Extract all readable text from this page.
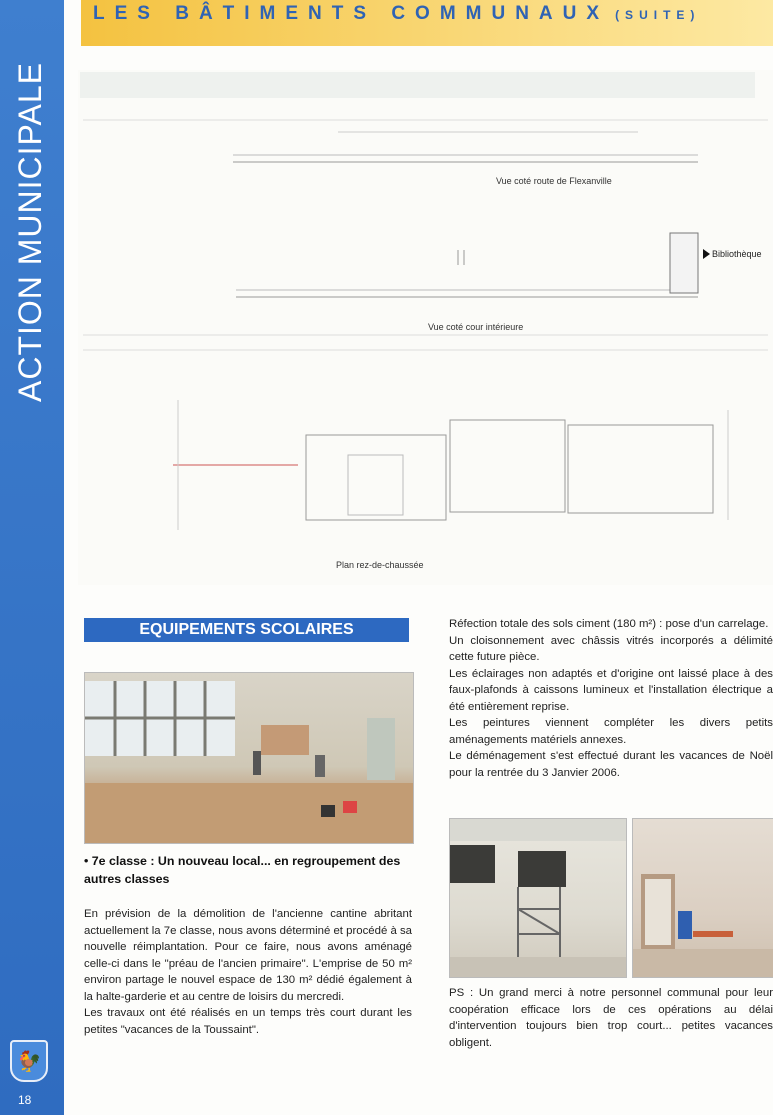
ACTION MUNICIPALE
🐓
18
LES BÂTIMENTS COMMUNAUX (SUITE)
Vue coté route de Flexanville
Vue coté cour intérieure
Plan rez-de-chaussée
Bibliothèque
EQUIPEMENTS SCOLAIRES
• 7e classe : Un nouveau local... en regroupement des autres classes

En prévision de la démolition de l'ancienne cantine abritant actuellement la 7e classe, nous avons déterminé et procédé à sa nouvelle réimplantation. Pour ce faire, nous avons aménagé celle-ci dans le "préau de l'ancien primaire". L'emprise de 50 m² environ partage le nouvel espace de 130 m² dédié également à la halte-garderie et au centre de loisirs du mercredi.

Les travaux ont été réalisés en un temps très court durant les petites "vacances de la Toussaint".

Réfection totale des sols ciment (180 m²) : pose d'un carrelage.

Un cloisonnement avec châssis vitrés incorporés a délimité cette future pièce.

Les éclairages non adaptés et d'origine ont laissé place à des faux-plafonds à caissons lumineux et l'installation électrique a été entièrement reprise.

Les peintures viennent compléter les divers petits aménagements matériels annexes.

Le déménagement s'est effectué durant les vacances de Noël pour la rentrée du 3 Janvier 2006.

PS : Un grand merci à notre personnel communal pour leur coopération efficace lors de ces opérations au délai d'intervention toujours bien trop court... petites vacances obligent.
